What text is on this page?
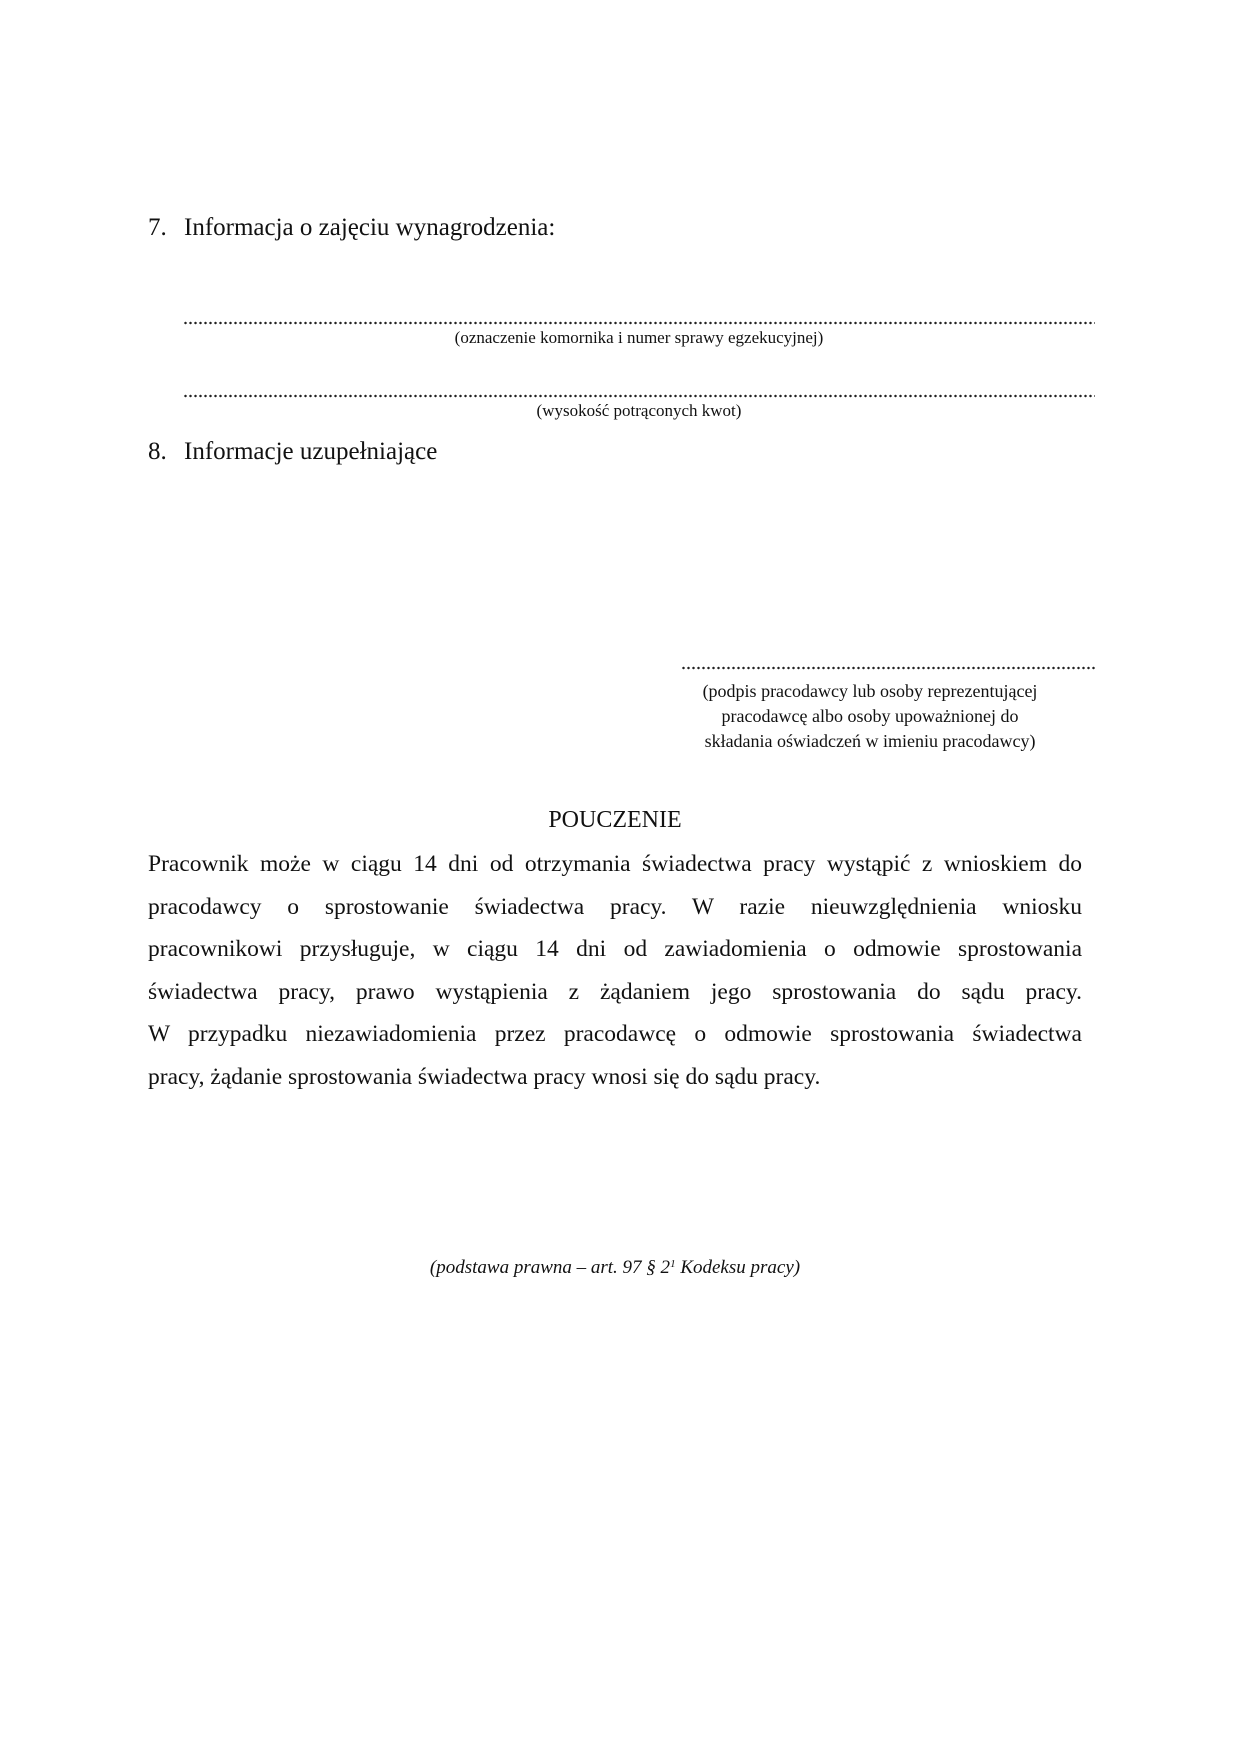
7. Informacja o zajęciu wynagrodzenia:
(oznaczenie komornika i numer sprawy egzekucyjnej)
(wysokość potrąconych kwot)
8. Informacje uzupełniające
(podpis pracodawcy lub osoby reprezentującej
pracodawcę albo osoby upoważnionej do
składania oświadczeń w imieniu pracodawcy)
POUCZENIE
Pracownik może w ciągu 14 dni od otrzymania świadectwa pracy wystąpić z wnioskiem do
pracodawcy o sprostowanie świadectwa pracy. W razie nieuwzględnienia wniosku
pracownikowi przysługuje, w ciągu 14 dni od zawiadomienia o odmowie sprostowania
świadectwa pracy, prawo wystąpienia z żądaniem jego sprostowania do sądu pracy.
W przypadku niezawiadomienia przez pracodawcę o odmowie sprostowania świadectwa
pracy, żądanie sprostowania świadectwa pracy wnosi się do sądu pracy.
(podstawa prawna – art. 97 § $2^1$ Kodeksu pracy)
